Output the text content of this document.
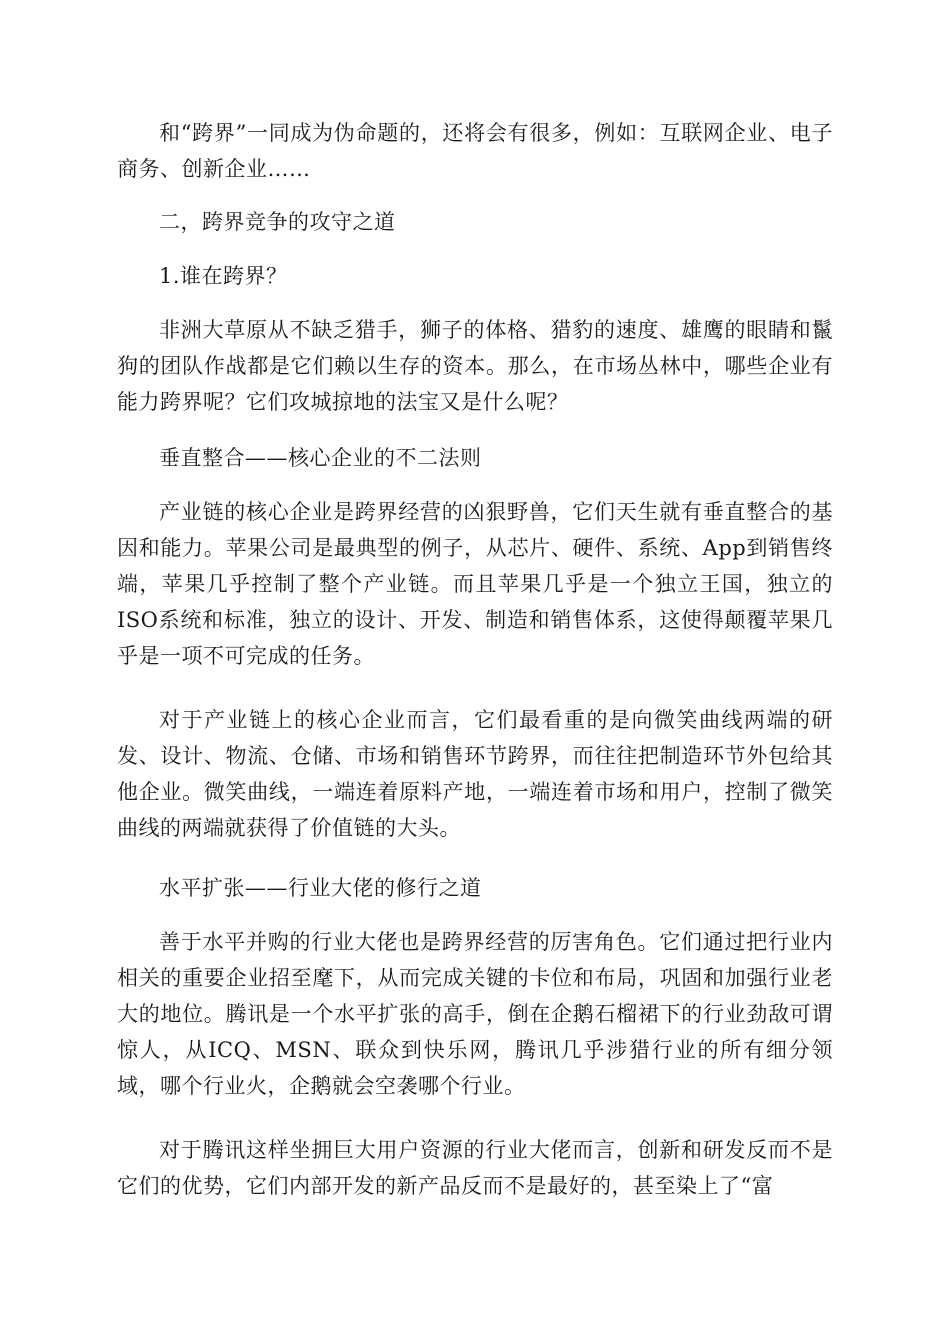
和“跨界”一同成为伪命题的，还将会有很多，例如：互联网企业、电子商务、创新企业……

二，跨界竞争的攻守之道

1.谁在跨界？

非洲大草原从不缺乏猎手，狮子的体格、猎豹的速度、雄鹰的眼睛和鬣狗的团队作战都是它们赖以生存的资本。那么，在市场丛林中，哪些企业有能力跨界呢？它们攻城掠地的法宝又是什么呢？

垂直整合——核心企业的不二法则

产业链的核心企业是跨界经营的凶狠野兽，它们天生就有垂直整合的基因和能力。苹果公司是最典型的例子，从芯片、硬件、系统、App到销售终端，苹果几乎控制了整个产业链。而且苹果几乎是一个独立王国，独立的ISO系统和标准，独立的设计、开发、制造和销售体系，这使得颠覆苹果几乎是一项不可完成的任务。

对于产业链上的核心企业而言，它们最看重的是向微笑曲线两端的研发、设计、物流、仓储、市场和销售环节跨界，而往往把制造环节外包给其他企业。微笑曲线，一端连着原料产地，一端连着市场和用户，控制了微笑曲线的两端就获得了价值链的大头。

水平扩张——行业大佬的修行之道

善于水平并购的行业大佬也是跨界经营的厉害角色。它们通过把行业内相关的重要企业招至麾下，从而完成关键的卡位和布局，巩固和加强行业老大的地位。腾讯是一个水平扩张的高手，倒在企鹅石榴裙下的行业劲敌可谓惊人，从ICQ、MSN、联众到快乐网，腾讯几乎涉猎行业的所有细分领域，哪个行业火，企鹅就会空袭哪个行业。

对于腾讯这样坐拥巨大用户资源的行业大佬而言，创新和研发反而不是它们的优势，它们内部开发的新产品反而不是最好的，甚至染上了“富
